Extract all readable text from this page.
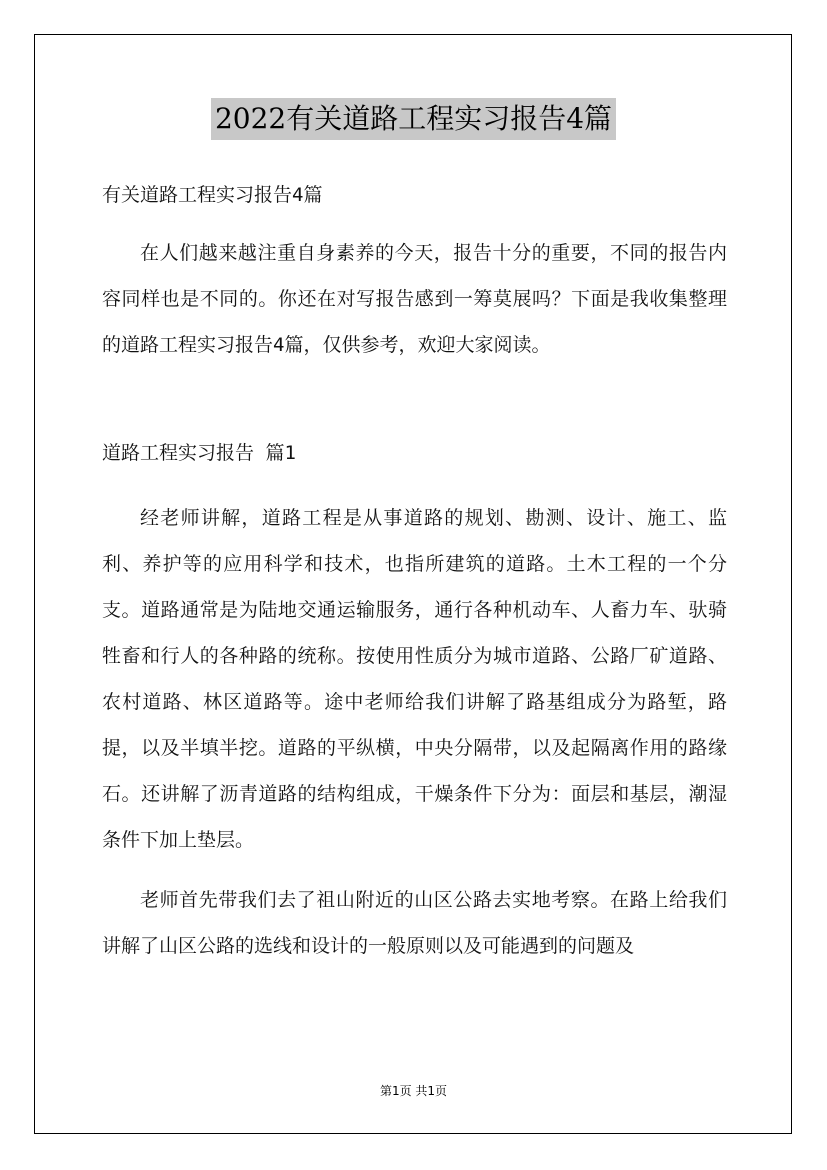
2022有关道路工程实习报告4篇

有关道路工程实习报告4篇

在人们越来越注重自身素养的今天，报告十分的重要，不同的报告内容同样也是不同的。你还在对写报告感到一筹莫展吗？下面是我收集整理的道路工程实习报告4篇，仅供参考，欢迎大家阅读。

道路工程实习报告 篇1

经老师讲解，道路工程是从事道路的规划、勘测、设计、施工、监利、养护等的应用科学和技术，也指所建筑的道路。土木工程的一个分支。道路通常是为陆地交通运输服务，通行各种机动车、人畜力车、驮骑牲畜和行人的各种路的统称。按使用性质分为城市道路、公路厂矿道路、农村道路、林区道路等。途中老师给我们讲解了路基组成分为路堑，路提，以及半填半挖。道路的平纵横，中央分隔带，以及起隔离作用的路缘石。还讲解了沥青道路的结构组成，干燥条件下分为：面层和基层，潮湿条件下加上垫层。

老师首先带我们去了祖山附近的山区公路去实地考察。在路上给我们讲解了山区公路的选线和设计的一般原则以及可能遇到的问题及

第1页 共1页
